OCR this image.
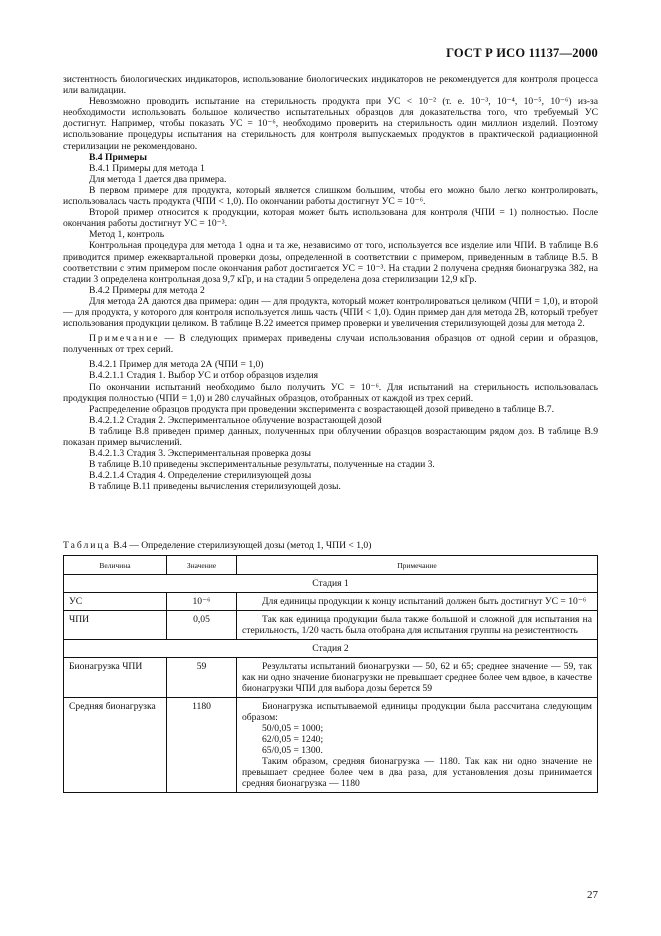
ГОСТ Р ИСО 11137—2000

зистентность биологических индикаторов, использование биологических индикаторов не рекомендуется для контроля процесса или валидации.

Невозможно проводить испытание на стерильность продукта при УС < 10⁻² (т. е. 10⁻³, 10⁻⁴, 10⁻⁵, 10⁻⁶) из-за необходимости использовать большое количество испытательных образцов для доказательства того, что требуемый УС достигнут. Например, чтобы показать УС = 10⁻⁶, необходимо проверить на стерильность один миллион изделий. Поэтому использование процедуры испытания на стерильность для контроля выпускаемых продуктов в практической радиационной стерилизации не рекомендовано.

В.4 Примеры

В.4.1 Примеры для метода 1

Для метода 1 дается два примера.

В первом примере для продукта, который является слишком большим, чтобы его можно было легко контролировать, использовалась часть продукта (ЧПИ < 1,0). По окончании работы достигнут УС = 10⁻⁶.

Второй пример относится к продукции, которая может быть использована для контроля (ЧПИ = 1) полностью. После окончания работы достигнут УС = 10⁻³.

Метод 1, контроль

Контрольная процедура для метода 1 одна и та же, независимо от того, используется все изделие или ЧПИ. В таблице В.6 приводится пример ежеквартальной проверки дозы, определенной в соответствии с примером, приведенным в таблице В.5. В соответствии с этим примером после окончания работ достигается УС = 10⁻³. На стадии 2 получена средняя бионагрузка 382, на стадии 3 определена контрольная доза 9,7 кГр, и на стадии 5 определена доза стерилизации 12,9 кГр.

В.4.2 Примеры для метода 2

Для метода 2А даются два примера: один — для продукта, который может контролироваться целиком (ЧПИ = 1,0), и второй — для продукта, у которого для контроля используется лишь часть (ЧПИ < 1,0). Один пример дан для метода 2В, который требует использования продукции целиком. В таблице В.22 имеется пример проверки и увеличения стерилизующей дозы для метода 2.

Примечание — В следующих примерах приведены случаи использования образцов от одной серии и образцов, полученных от трех серий.

В.4.2.1 Пример для метода 2А (ЧПИ = 1,0)

В.4.2.1.1 Стадия 1. Выбор УС и отбор образцов изделия

По окончании испытаний необходимо было получить УС = 10⁻⁶. Для испытаний на стерильность использовалась продукция полностью (ЧПИ = 1,0) и 280 случайных образцов, отобранных от каждой из трех серий.

Распределение образцов продукта при проведении эксперимента с возрастающей дозой приведено в таблице В.7.

В.4.2.1.2 Стадия 2. Экспериментальное облучение возрастающей дозой

В таблице В.8 приведен пример данных, полученных при облучении образцов возрастающим рядом доз. В таблице В.9 показан пример вычислений.

В.4.2.1.3 Стадия 3. Экспериментальная проверка дозы

В таблице В.10 приведены экспериментальные результаты, полученные на стадии 3.

В.4.2.1.4 Стадия 4. Определение стерилизующей дозы

В таблице В.11 приведены вычисления стерилизующей дозы.

Таблица В.4 — Определение стерилизующей дозы (метод 1, ЧПИ < 1,0)
Величина	Значение	Примечание
Стадия 1		
УС	10⁻⁶	Для единицы продукции к концу испытаний должен быть достигнут УС = 10⁻⁶

ЧПИ	0,05	Так как единица продукции была также большой и сложной для испытания на стерильность, 1/20 часть была отобрана для испытания группы на резистентность

Стадия 2		
Бионагрузка ЧПИ	59	Результаты испытаний бионагрузки — 50, 62 и 65; среднее значение — 59, так как ни одно значение бионагрузки не превышает среднее более чем вдвое, в качестве бионагрузки ЧПИ для выбора дозы берется 59

Средняя бионагрузка	1180	Бионагрузка испытываемой единицы продукции была рассчитана следующим образом:
50/0,05 = 1000;
62/0,05 = 1240;
65/0,05 = 1300.
Таким образом, средняя бионагрузка — 1180. Так как ни одно значение не превышает среднее более чем в два раза, для установления дозы принимается средняя бионагрузка — 1180
27
